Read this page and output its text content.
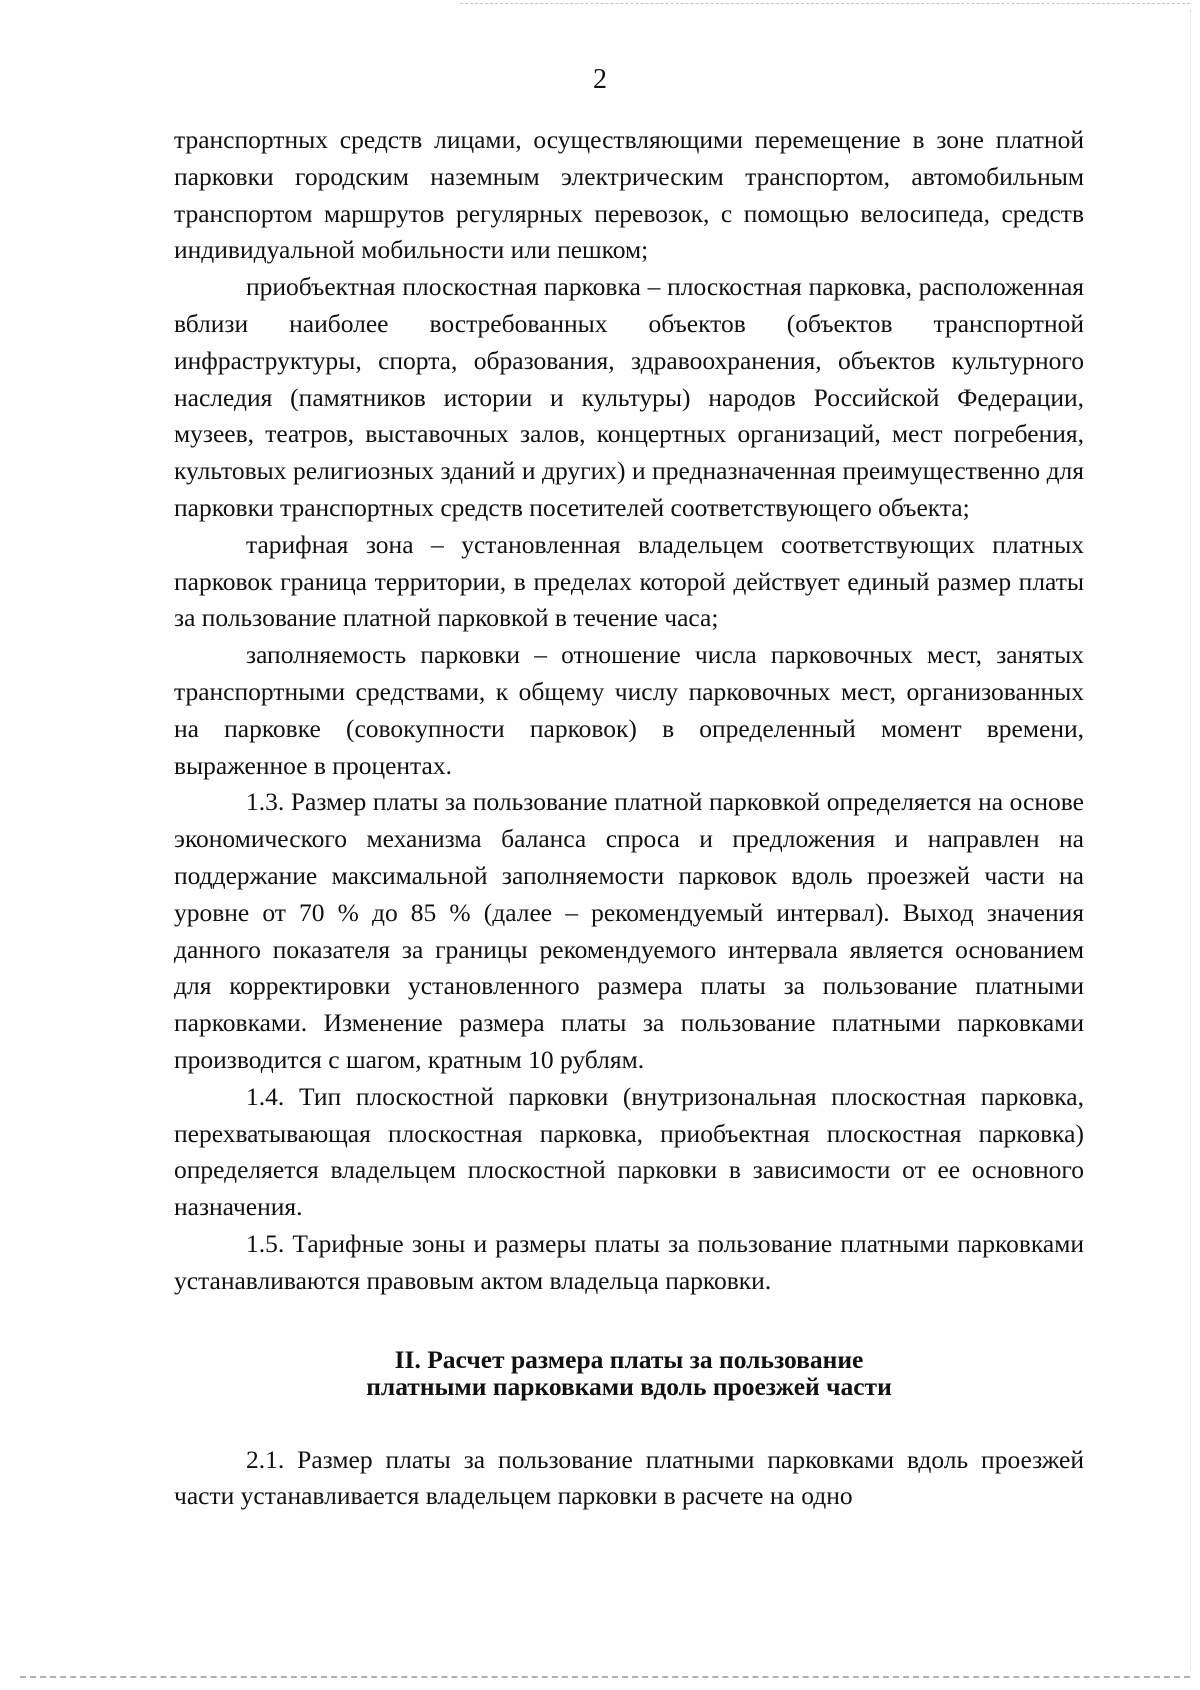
2

транспортных средств лицами, осуществляющими перемещение в зоне платной парковки городским наземным электрическим транспортом, автомобильным транспортом маршрутов регулярных перевозок, с помощью велосипеда, средств индивидуальной мобильности или пешком;

приобъектная плоскостная парковка – плоскостная парковка, расположенная вблизи наиболее востребованных объектов (объектов транспортной инфраструктуры, спорта, образования, здравоохранения, объектов культурного наследия (памятников истории и культуры) народов Российской Федерации, музеев, театров, выставочных залов, концертных организаций, мест погребения, культовых религиозных зданий и других) и предназначенная преимущественно для парковки транспортных средств посетителей соответствующего объекта;

тарифная зона – установленная владельцем соответствующих платных парковок граница территории, в пределах которой действует единый размер платы за пользование платной парковкой в течение часа;

заполняемость парковки – отношение числа парковочных мест, занятых транспортными средствами, к общему числу парковочных мест, организованных на парковке (совокупности парковок) в определенный момент времени, выраженное в процентах.

1.3. Размер платы за пользование платной парковкой определяется на основе экономического механизма баланса спроса и предложения и направлен на поддержание максимальной заполняемости парковок вдоль проезжей части на уровне от 70 % до 85 % (далее – рекомендуемый интервал). Выход значения данного показателя за границы рекомендуемого интервала является основанием для корректировки установленного размера платы за пользование платными парковками. Изменение размера платы за пользование платными парковками производится с шагом, кратным 10 рублям.

1.4. Тип плоскостной парковки (внутризональная плоскостная парковка, перехватывающая плоскостная парковка, приобъектная плоскостная парковка) определяется владельцем плоскостной парковки в зависимости от ее основного назначения.

1.5. Тарифные зоны и размеры платы за пользование платными парковками устанавливаются правовым актом владельца парковки.

II. Расчет размера платы за пользование
платными парковками вдоль проезжей части

2.1. Размер платы за пользование платными парковками вдоль проезжей части устанавливается владельцем парковки в расчете на одно
